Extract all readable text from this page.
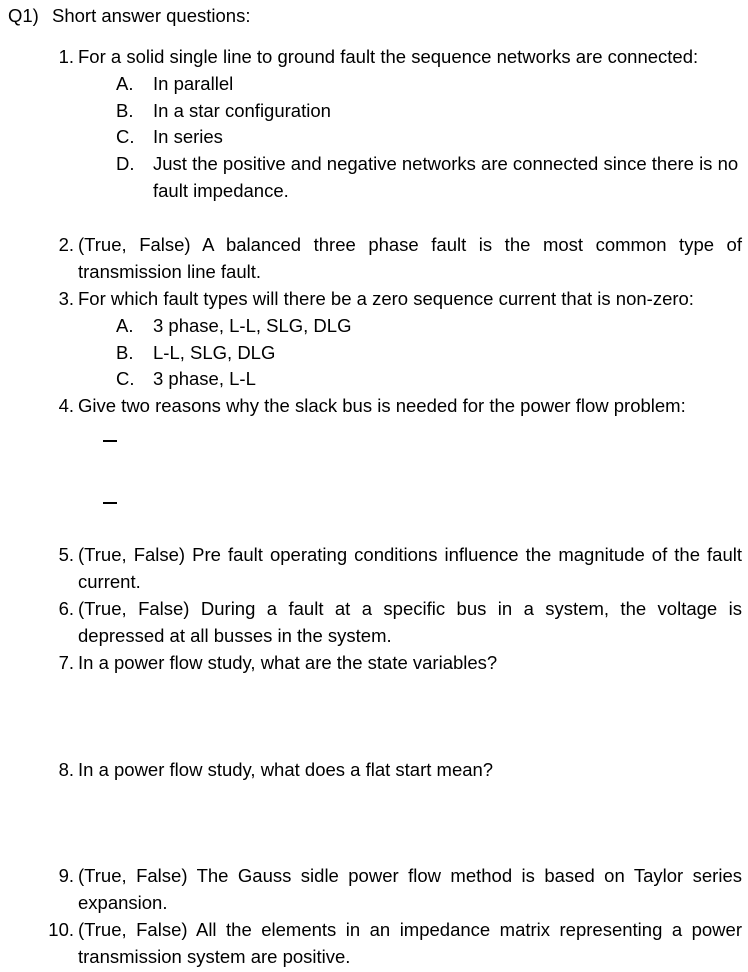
Q1) Short answer questions:
1. For a solid single line to ground fault the sequence networks are connected:
A. In parallel
B. In a star configuration
C. In series
D. Just the positive and negative networks are connected since there is no fault impedance.
2. (True, False) A balanced three phase fault is the most common type of transmission line fault.
3. For which fault types will there be a zero sequence current that is non-zero:
A. 3 phase, L-L, SLG, DLG
B. L-L, SLG, DLG
C. 3 phase, L-L
4. Give two reasons why the slack bus is needed for the power flow problem:
5. (True, False) Pre fault operating conditions influence the magnitude of the fault current.
6. (True, False) During a fault at a specific bus in a system, the voltage is depressed at all busses in the system.
7. In a power flow study, what are the state variables?
8. In a power flow study, what does a flat start mean?
9. (True, False) The Gauss sidle power flow method is based on Taylor series expansion.
10. (True, False) All the elements in an impedance matrix representing a power transmission system are positive.
